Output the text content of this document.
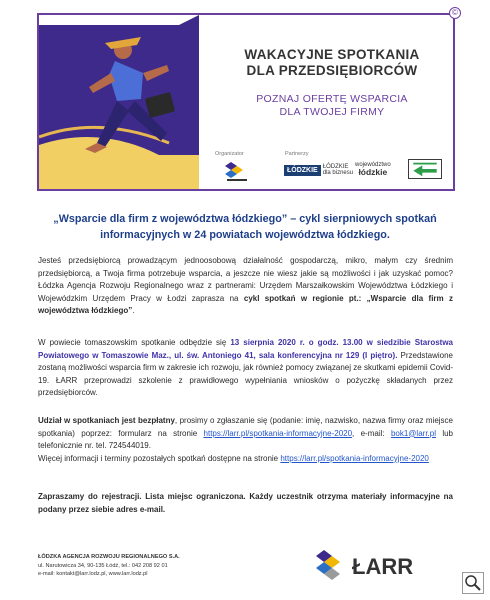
©
WAKACYJNE SPOTKANIA
DLA PRZEDSIĘBIORCÓW
POZNAJ OFERTĘ WSPARCIA
DLA TWOJEJ FIRMY
Organizator	Partnerzy
ŁÓDZKIE ŁÓDZKIE
dla biznesu
województwo
łódzkie
„Wsparcie dla firm z województwa łódzkiego” – cykl sierpniowych spotkań informacyjnych w 24 powiatach województwa łódzkiego.
Jesteś przedsiębiorcą prowadzącym jednoosobową działalność gospodarczą, mikro, małym czy średnim przedsiębiorcą, a Twoja firma potrzebuje wsparcia, a jeszcze nie wiesz jakie są możliwości i jak uzyskać pomoc? Łódzka Agencja Rozwoju Regionalnego wraz z partnerami: Urzędem Marszałkowskim Województwa Łódzkiego i Wojewódzkim Urzędem Pracy w Łodzi zaprasza na cykl spotkań w regionie pt.: „Wsparcie dla firm z województwa łódzkiego”.
W powiecie tomaszowskim spotkanie odbędzie się 13 sierpnia 2020 r. o godz. 13.00 w siedzibie Starostwa Powiatowego w Tomaszowie Maz., ul. św. Antoniego 41, sala konferencyjna nr 129 (I piętro). Przedstawione zostaną możliwości wsparcia firm w zakresie ich rozwoju, jak również pomocy związanej ze skutkami epidemii Covid-19. ŁARR przeprowadzi szkolenie z prawidłowego wypełniania wniosków o pożyczkę składanych przez przedsiębiorców.
Udział w spotkaniach jest bezpłatny, prosimy o zgłaszanie się (podanie: imię, nazwisko, nazwa firmy oraz miejsce spotkania) poprzez: formularz na stronie https://larr.pl/spotkania-informacyjne-2020, e-mail: bok1@larr.pl lub telefonicznie nr. tel. 724544019.
Więcej informacji i terminy pozostałych spotkań dostępne na stronie https://larr.pl/spotkania-informacyjne-2020
Zapraszamy do rejestracji. Lista miejsc ograniczona. Każdy uczestnik otrzyma materiały informacyjne na podany przez siebie adres e-mail.
ŁÓDZKA AGENCJA ROZWOJU REGIONALNEGO S.A.
ul. Narutowicza 34, 90-135 Łódź, tel.: 042 208 92 01
e-mail: kontakt@larr.lodz.pl, www.larr.lodz.pl	ŁARR
